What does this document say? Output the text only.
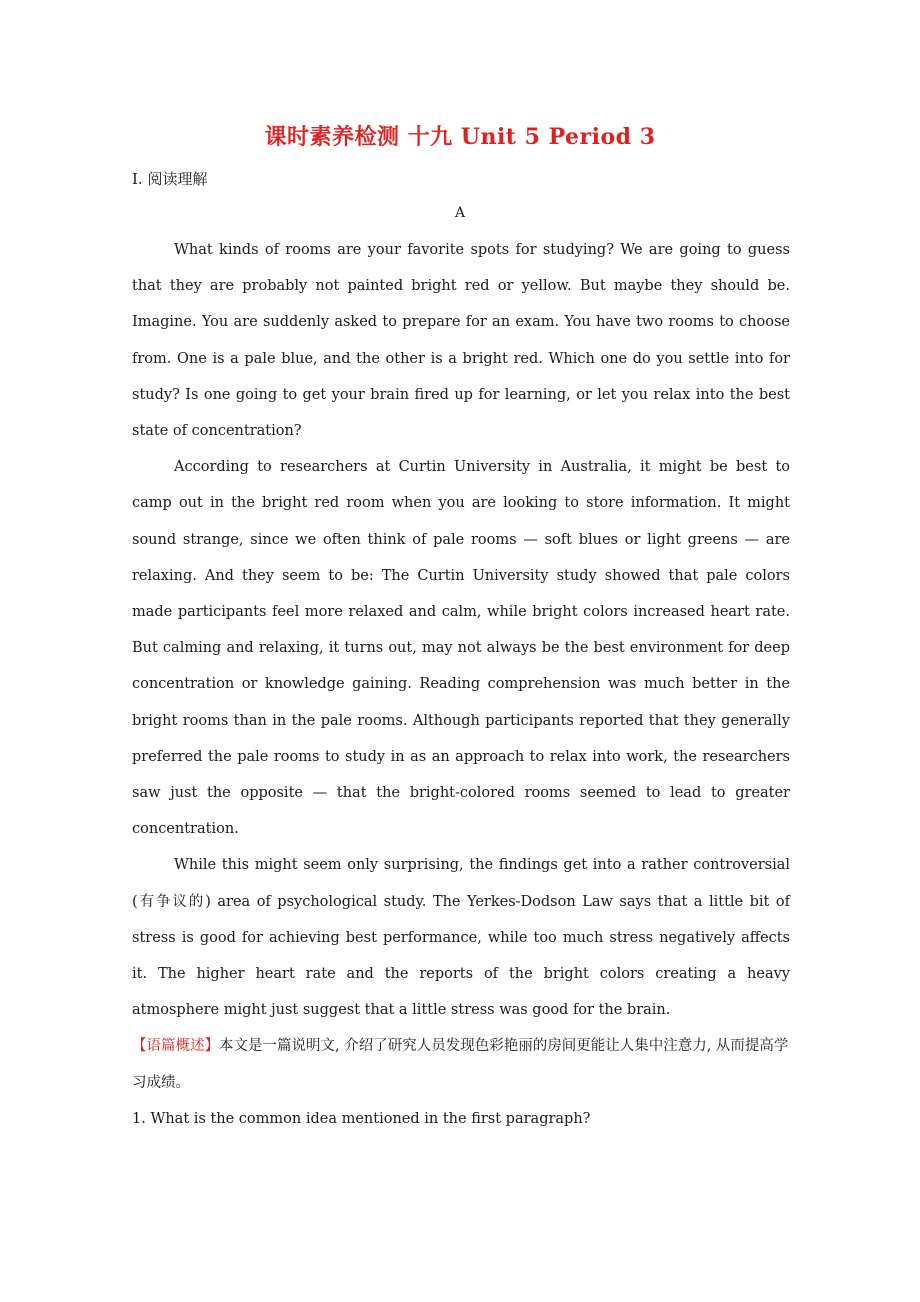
课时素养检测 十九 Unit 5 Period 3
Ⅰ. 阅读理解
A

What kinds of rooms are your favorite spots for studying? We are going to guess that they are probably not painted bright red or yellow. But maybe they should be. Imagine. You are suddenly asked to prepare for an exam. You have two rooms to choose from. One is a pale blue, and the other is a bright red. Which one do you settle into for study? Is one going to get your brain fired up for learning, or let you relax into the best state of concentration?

According to researchers at Curtin University in Australia, it might be best to camp out in the bright red room when you are looking to store information. It might sound strange, since we often think of pale rooms — soft blues or light greens — are relaxing. And they seem to be: The Curtin University study showed that pale colors made participants feel more relaxed and calm, while bright colors increased heart rate. But calming and relaxing, it turns out, may not always be the best environment for deep concentration or knowledge gaining. Reading comprehension was much better in the bright rooms than in the pale rooms. Although participants reported that they generally preferred the pale rooms to study in as an approach to relax into work, the researchers saw just the opposite — that the bright-colored rooms seemed to lead to greater concentration.

While this might seem only surprising, the findings get into a rather controversial (有争议的) area of psychological study. The Yerkes-Dodson Law says that a little bit of stress is good for achieving best performance, while too much stress negatively affects it. The higher heart rate and the reports of the bright colors creating a heavy atmosphere might just suggest that a little stress was good for the brain.

【语篇概述】本文是一篇说明文, 介绍了研究人员发现色彩艳丽的房间更能让人集中注意力, 从而提高学习成绩。

1. What is the common idea mentioned in the first paragraph?
